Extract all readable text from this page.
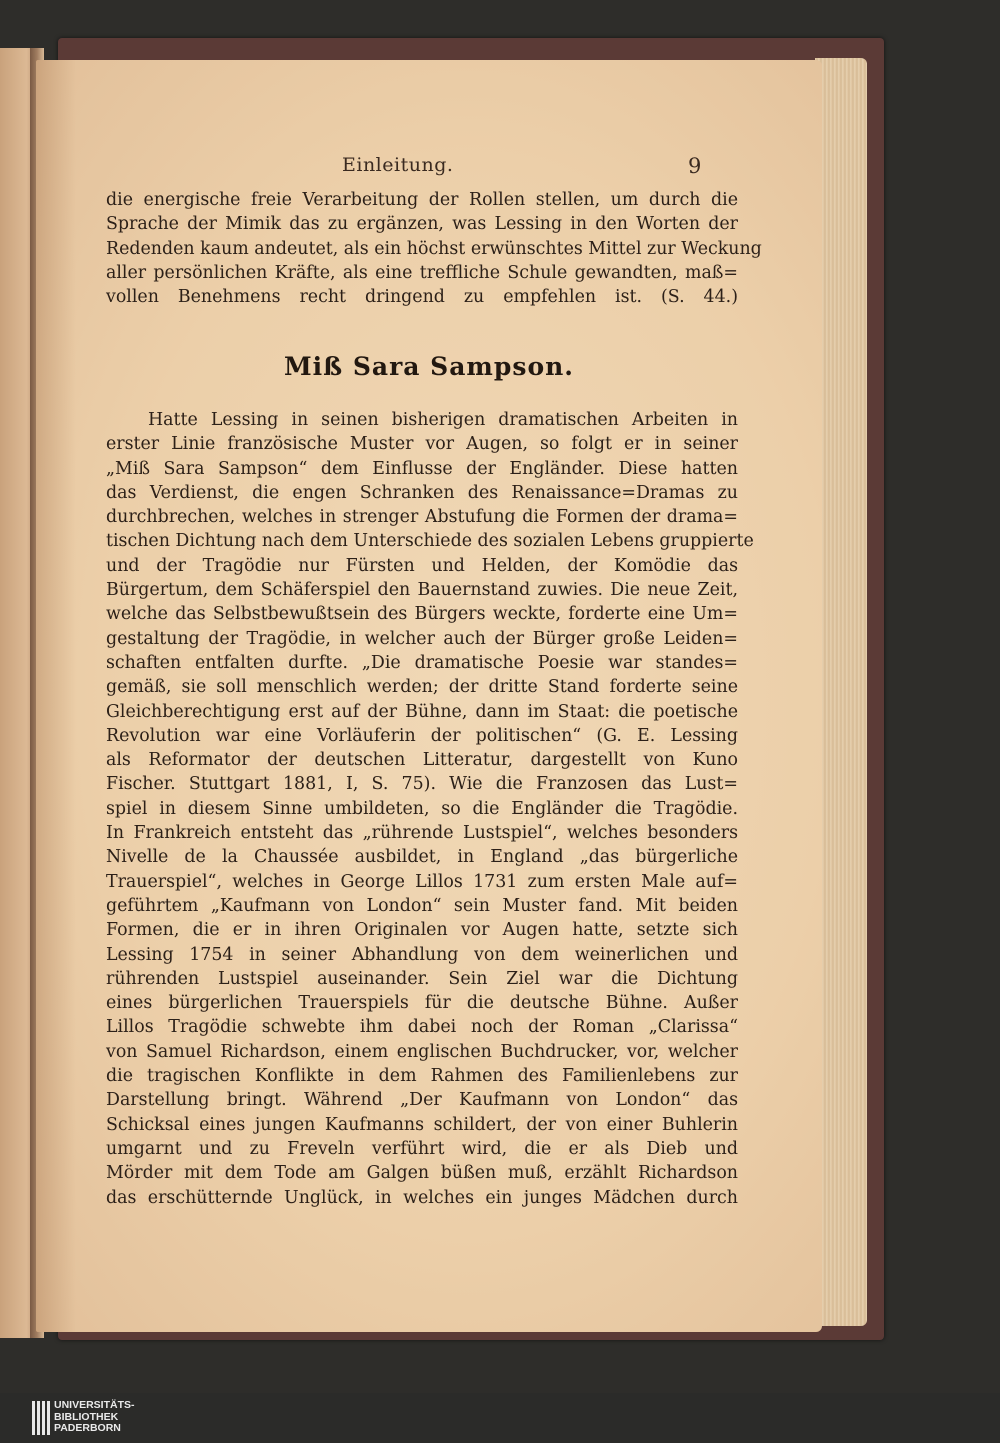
Einleitung.	9
die energische freie Verarbeitung der Rollen stellen, um durch die
Sprache der Mimik das zu ergänzen, was Lessing in den Worten der
Redenden kaum andeutet, als ein höchst erwünschtes Mittel zur Weckung
aller persönlichen Kräfte, als eine treffliche Schule gewandten, maß=
vollen Benehmens recht dringend zu empfehlen ist. (S. 44.)
Miß Sara Sampson.
Hatte Lessing in seinen bisherigen dramatischen Arbeiten in
erster Linie französische Muster vor Augen, so folgt er in seiner
„Miß Sara Sampson“ dem Einflusse der Engländer. Diese hatten
das Verdienst, die engen Schranken des Renaissance=Dramas zu
durchbrechen, welches in strenger Abstufung die Formen der drama=
tischen Dichtung nach dem Unterschiede des sozialen Lebens gruppierte
und der Tragödie nur Fürsten und Helden, der Komödie das
Bürgertum, dem Schäferspiel den Bauernstand zuwies. Die neue Zeit,
welche das Selbstbewußtsein des Bürgers weckte, forderte eine Um=
gestaltung der Tragödie, in welcher auch der Bürger große Leiden=
schaften entfalten durfte. „Die dramatische Poesie war standes=
gemäß, sie soll menschlich werden; der dritte Stand forderte seine
Gleichberechtigung erst auf der Bühne, dann im Staat: die poetische
Revolution war eine Vorläuferin der politischen“ (G. E. Lessing
als Reformator der deutschen Litteratur, dargestellt von Kuno
Fischer. Stuttgart 1881, I, S. 75). Wie die Franzosen das Lust=
spiel in diesem Sinne umbildeten, so die Engländer die Tragödie.
In Frankreich entsteht das „rührende Lustspiel“, welches besonders
Nivelle de la Chaussée ausbildet, in England „das bürgerliche
Trauerspiel“, welches in George Lillos 1731 zum ersten Male auf=
geführtem „Kaufmann von London“ sein Muster fand. Mit beiden
Formen, die er in ihren Originalen vor Augen hatte, setzte sich
Lessing 1754 in seiner Abhandlung von dem weinerlichen und
rührenden Lustspiel auseinander. Sein Ziel war die Dichtung
eines bürgerlichen Trauerspiels für die deutsche Bühne. Außer
Lillos Tragödie schwebte ihm dabei noch der Roman „Clarissa“
von Samuel Richardson, einem englischen Buchdrucker, vor, welcher
die tragischen Konflikte in dem Rahmen des Familienlebens zur
Darstellung bringt. Während „Der Kaufmann von London“ das
Schicksal eines jungen Kaufmanns schildert, der von einer Buhlerin
umgarnt und zu Freveln verführt wird, die er als Dieb und
Mörder mit dem Tode am Galgen büßen muß, erzählt Richardson
das erschütternde Unglück, in welches ein junges Mädchen durch
UNIVERSITÄTS-
BIBLIOTHEK
PADERBORN
